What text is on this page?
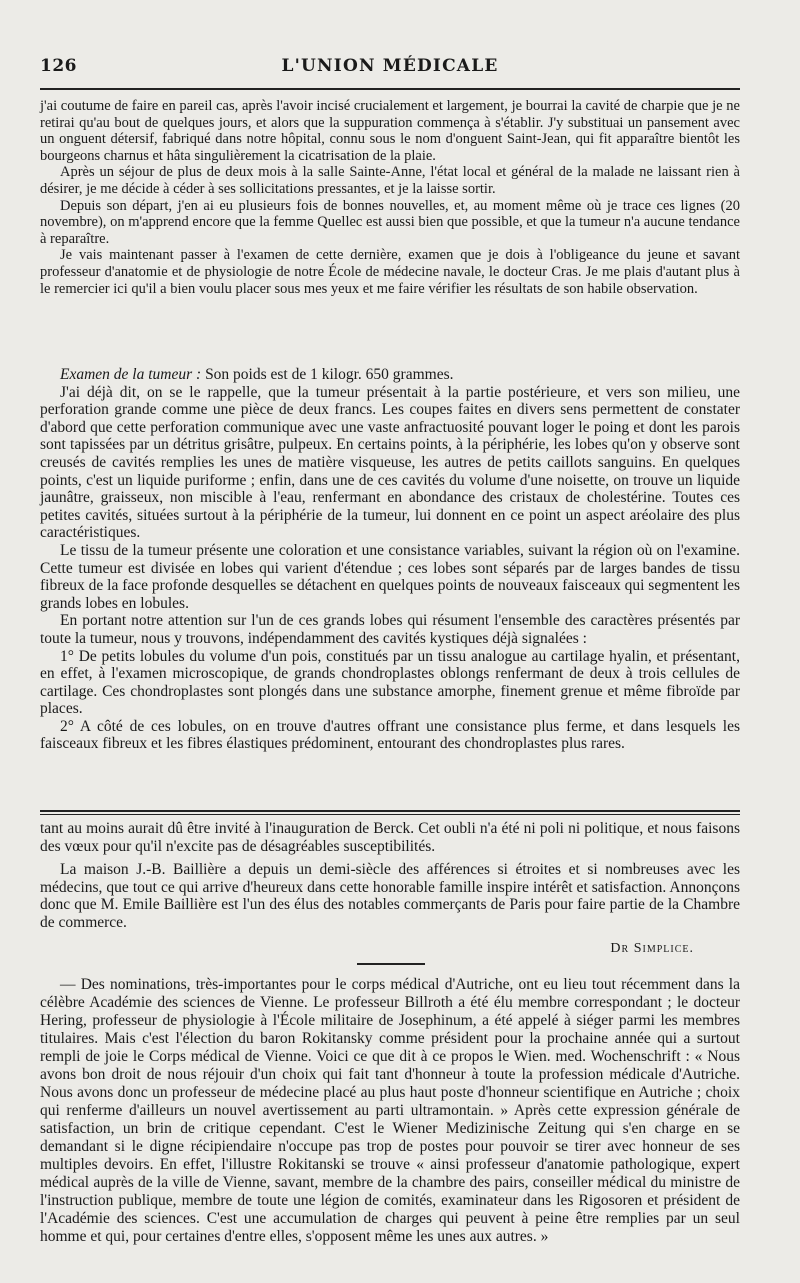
126	L'UNION MÉDICALE

j'ai coutume de faire en pareil cas, après l'avoir incisé crucialement et largement, je bourrai la cavité de charpie que je ne retirai qu'au bout de quelques jours, et alors que la suppuration commença à s'établir. J'y substituai un pansement avec un onguent détersif, fabriqué dans notre hôpital, connu sous le nom d'onguent Saint-Jean, qui fit apparaître bientôt les bourgeons charnus et hâta singulièrement la cicatrisation de la plaie.

Après un séjour de plus de deux mois à la salle Sainte-Anne, l'état local et général de la malade ne laissant rien à désirer, je me décide à céder à ses sollicitations pressantes, et je la laisse sortir.

Depuis son départ, j'en ai eu plusieurs fois de bonnes nouvelles, et, au moment même où je trace ces lignes (20 novembre), on m'apprend encore que la femme Quellec est aussi bien que possible, et que la tumeur n'a aucune tendance à reparaître.

Je vais maintenant passer à l'examen de cette dernière, examen que je dois à l'obligeance du jeune et savant professeur d'anatomie et de physiologie de notre École de médecine navale, le docteur Cras. Je me plais d'autant plus à le remercier ici qu'il a bien voulu placer sous mes yeux et me faire vérifier les résultats de son habile observation.

Examen de la tumeur : Son poids est de 1 kilogr. 650 grammes.

J'ai déjà dit, on se le rappelle, que la tumeur présentait à la partie postérieure, et vers son milieu, une perforation grande comme une pièce de deux francs. Les coupes faites en divers sens permettent de constater d'abord que cette perforation communique avec une vaste anfractuosité pouvant loger le poing et dont les parois sont tapissées par un détritus grisâtre, pulpeux. En certains points, à la périphérie, les lobes qu'on y observe sont creusés de cavités remplies les unes de matière visqueuse, les autres de petits caillots sanguins. En quelques points, c'est un liquide puriforme ; enfin, dans une de ces cavités du volume d'une noisette, on trouve un liquide jaunâtre, graisseux, non miscible à l'eau, renfermant en abondance des cristaux de cholestérine. Toutes ces petites cavités, situées surtout à la périphérie de la tumeur, lui donnent en ce point un aspect aréolaire des plus caractéristiques.

Le tissu de la tumeur présente une coloration et une consistance variables, suivant la région où on l'examine. Cette tumeur est divisée en lobes qui varient d'étendue ; ces lobes sont séparés par de larges bandes de tissu fibreux de la face profonde desquelles se détachent en quelques points de nouveaux faisceaux qui segmentent les grands lobes en lobules.

En portant notre attention sur l'un de ces grands lobes qui résument l'ensemble des caractères présentés par toute la tumeur, nous y trouvons, indépendamment des cavités kystiques déjà signalées :

1° De petits lobules du volume d'un pois, constitués par un tissu analogue au cartilage hyalin, et présentant, en effet, à l'examen microscopique, de grands chondroplastes oblongs renfermant de deux à trois cellules de cartilage. Ces chondroplastes sont plongés dans une substance amorphe, finement grenue et même fibroïde par places.

2° A côté de ces lobules, on en trouve d'autres offrant une consistance plus ferme, et dans lesquels les faisceaux fibreux et les fibres élastiques prédominent, entourant des chondroplastes plus rares.

tant au moins aurait dû être invité à l'inauguration de Berck. Cet oubli n'a été ni poli ni politique, et nous faisons des vœux pour qu'il n'excite pas de désagréables susceptibilités.

La maison J.-B. Baillière a depuis un demi-siècle des afférences si étroites et si nombreuses avec les médecins, que tout ce qui arrive d'heureux dans cette honorable famille inspire intérêt et satisfaction. Annonçons donc que M. Emile Baillière est l'un des élus des notables commerçants de Paris pour faire partie de la Chambre de commerce.

Dr Simplice.

— Des nominations, très-importantes pour le corps médical d'Autriche, ont eu lieu tout récemment dans la célèbre Académie des sciences de Vienne. Le professeur Billroth a été élu membre correspondant ; le docteur Hering, professeur de physiologie à l'École militaire de Josephinum, a été appelé à siéger parmi les membres titulaires. Mais c'est l'élection du baron Rokitansky comme président pour la prochaine année qui a surtout rempli de joie le Corps médical de Vienne. Voici ce que dit à ce propos le Wien. med. Wochenschrift : « Nous avons bon droit de nous réjouir d'un choix qui fait tant d'honneur à toute la profession médicale d'Autriche. Nous avons donc un professeur de médecine placé au plus haut poste d'honneur scientifique en Autriche ; choix qui renferme d'ailleurs un nouvel avertissement au parti ultramontain. » Après cette expression générale de satisfaction, un brin de critique cependant. C'est le Wiener Medizinische Zeitung qui s'en charge en se demandant si le digne récipiendaire n'occupe pas trop de postes pour pouvoir se tirer avec honneur de ses multiples devoirs. En effet, l'illustre Rokitanski se trouve « ainsi professeur d'anatomie pathologique, expert médical auprès de la ville de Vienne, savant, membre de la chambre des pairs, conseiller médical du ministre de l'instruction publique, membre de toute une légion de comités, examinateur dans les Rigosoren et président de l'Académie des sciences. C'est une accumulation de charges qui peuvent à peine être remplies par un seul homme et qui, pour certaines d'entre elles, s'opposent même les unes aux autres. »
